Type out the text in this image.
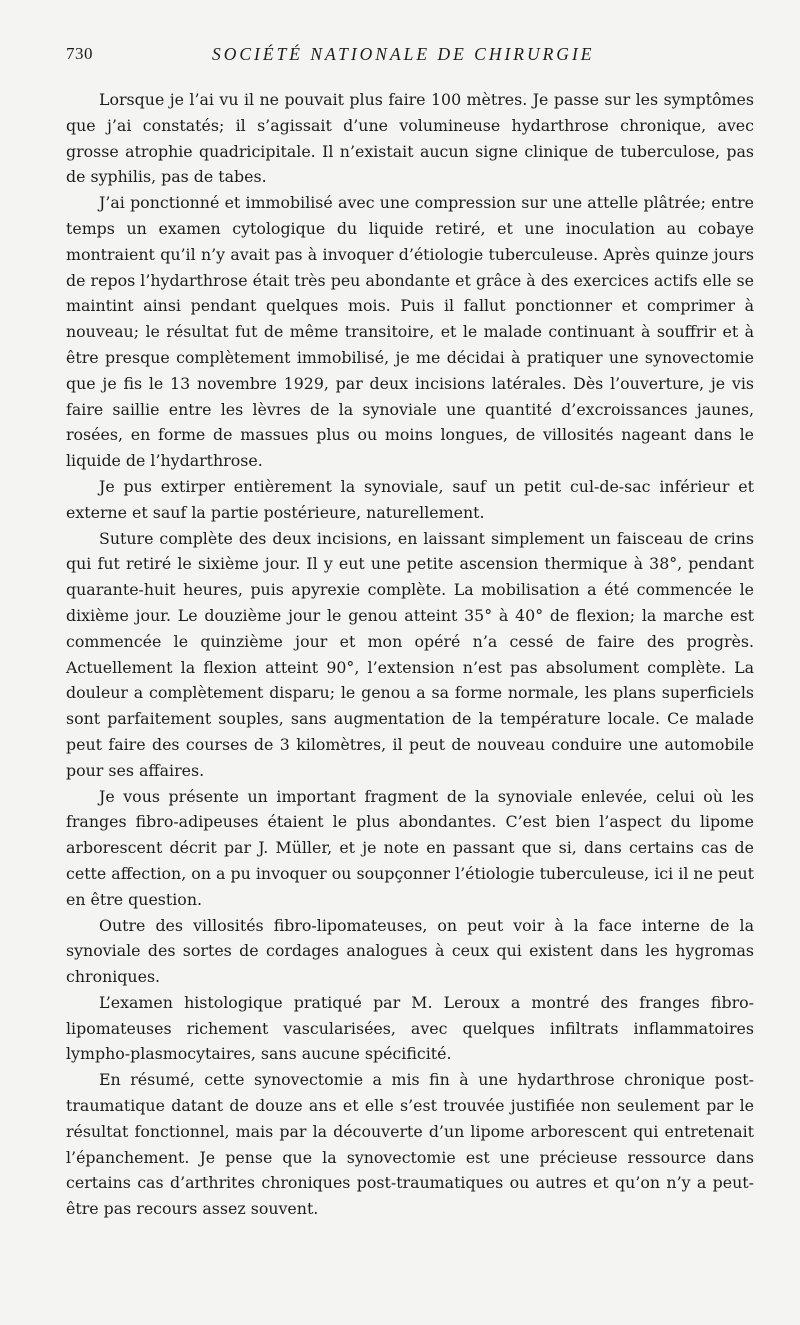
730	SOCIÉTÉ NATIONALE DE CHIRURGIE

Lorsque je l’ai vu il ne pouvait plus faire 100 mètres. Je passe sur les symptômes que j’ai constatés; il s’agissait d’une volumineuse hydarthrose chronique, avec grosse atrophie quadricipitale. Il n’existait aucun signe clinique de tuberculose, pas de syphilis, pas de tabes.

J’ai ponctionné et immobilisé avec une compression sur une attelle plâtrée; entre temps un examen cytologique du liquide retiré, et une inoculation au cobaye montraient qu’il n’y avait pas à invoquer d’étiologie tuberculeuse. Après quinze jours de repos l’hydarthrose était très peu abondante et grâce à des exercices actifs elle se maintint ainsi pendant quelques mois. Puis il fallut ponctionner et comprimer à nouveau; le résultat fut de même transitoire, et le malade continuant à souffrir et à être presque complètement immobilisé, je me décidai à pratiquer une synovectomie que je fis le 13 novembre 1929, par deux incisions latérales. Dès l’ouverture, je vis faire saillie entre les lèvres de la synoviale une quantité d’excroissances jaunes, rosées, en forme de massues plus ou moins longues, de villosités nageant dans le liquide de l’hydarthrose.

Je pus extirper entièrement la synoviale, sauf un petit cul-de-sac inférieur et externe et sauf la partie postérieure, naturellement.

Suture complète des deux incisions, en laissant simplement un faisceau de crins qui fut retiré le sixième jour. Il y eut une petite ascension thermique à 38°, pendant quarante-huit heures, puis apyrexie complète. La mobilisation a été commencée le dixième jour. Le douzième jour le genou atteint 35° à 40° de flexion; la marche est commencée le quinzième jour et mon opéré n’a cessé de faire des progrès. Actuellement la flexion atteint 90°, l’extension n’est pas absolument complète. La douleur a complètement disparu; le genou a sa forme normale, les plans superficiels sont parfaitement souples, sans augmentation de la température locale. Ce malade peut faire des courses de 3 kilomètres, il peut de nouveau conduire une automobile pour ses affaires.

Je vous présente un important fragment de la synoviale enlevée, celui où les franges fibro-adipeuses étaient le plus abondantes. C’est bien l’aspect du lipome arborescent décrit par J. Müller, et je note en passant que si, dans certains cas de cette affection, on a pu invoquer ou soupçonner l’étiologie tuberculeuse, ici il ne peut en être question.

Outre des villosités fibro-lipomateuses, on peut voir à la face interne de la synoviale des sortes de cordages analogues à ceux qui existent dans les hygromas chroniques.

L’examen histologique pratiqué par M. Leroux a montré des franges fibro-lipomateuses richement vascularisées, avec quelques infiltrats inflammatoires lympho-plasmocytaires, sans aucune spécificité.

En résumé, cette synovectomie a mis fin à une hydarthrose chronique post-traumatique datant de douze ans et elle s’est trouvée justifiée non seulement par le résultat fonctionnel, mais par la découverte d’un lipome arborescent qui entretenait l’épanchement. Je pense que la synovectomie est une précieuse ressource dans certains cas d’arthrites chroniques post-traumatiques ou autres et qu’on n’y a peut-être pas recours assez souvent.
